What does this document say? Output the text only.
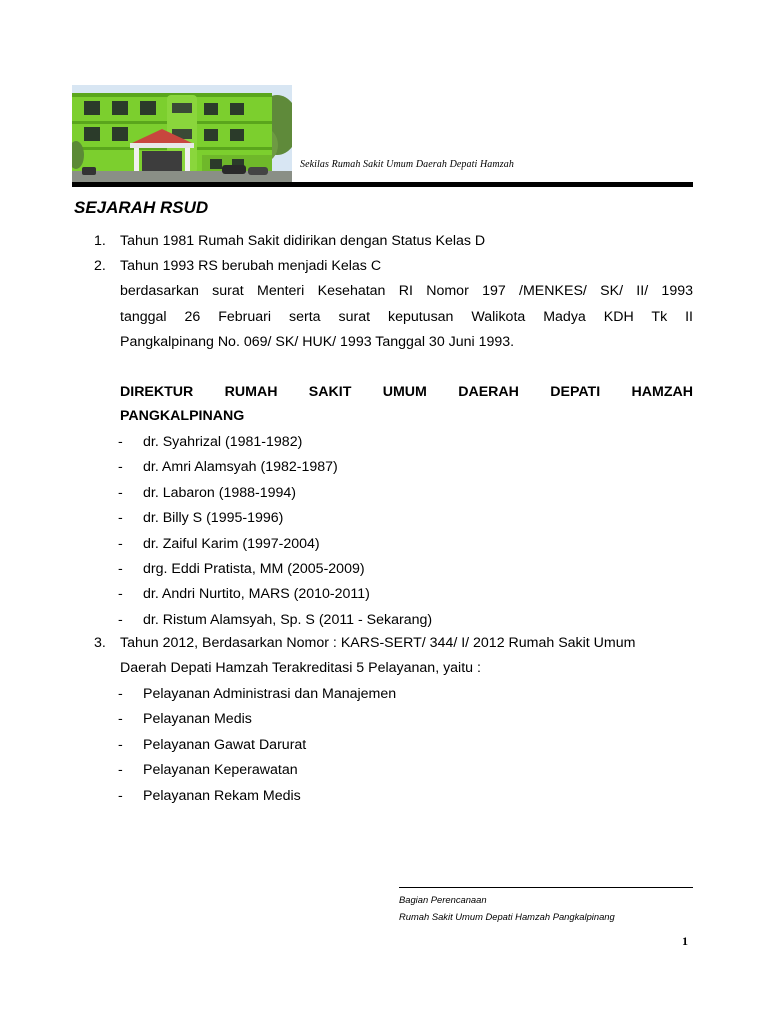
Sekilas Rumah Sakit Umum Daerah Depati Hamzah
SEJARAH RSUD
1. Tahun 1981 Rumah Sakit didirikan dengan Status Kelas D
2. Tahun 1993 RS berubah menjadi Kelas C
berdasarkan surat Menteri Kesehatan RI Nomor 197 /MENKES/ SK/ II/ 1993
tanggal 26 Februari serta surat keputusan Walikota Madya KDH Tk II
Pangkalpinang No. 069/ SK/ HUK/ 1993 Tanggal 30 Juni 1993.
DIREKTUR RUMAH SAKIT UMUM DAERAH DEPATI HAMZAH
PANGKALPINANG
- dr. Syahrizal (1981-1982)
- dr. Amri Alamsyah (1982-1987)
- dr. Labaron (1988-1994)
- dr. Billy S (1995-1996)
- dr. Zaiful Karim (1997-2004)
- drg. Eddi Pratista, MM (2005-2009)
- dr. Andri Nurtito, MARS (2010-2011)
- dr. Ristum Alamsyah, Sp. S (2011 - Sekarang)
3. Tahun 2012, Berdasarkan Nomor : KARS-SERT/ 344/ I/ 2012 Rumah Sakit Umum
Daerah Depati Hamzah Terakreditasi 5 Pelayanan, yaitu :
- Pelayanan Administrasi dan Manajemen
- Pelayanan Medis
- Pelayanan Gawat Darurat
- Pelayanan Keperawatan
- Pelayanan Rekam Medis
Bagian Perencanaan
Rumah Sakit Umum Depati Hamzah Pangkalpinang
1
